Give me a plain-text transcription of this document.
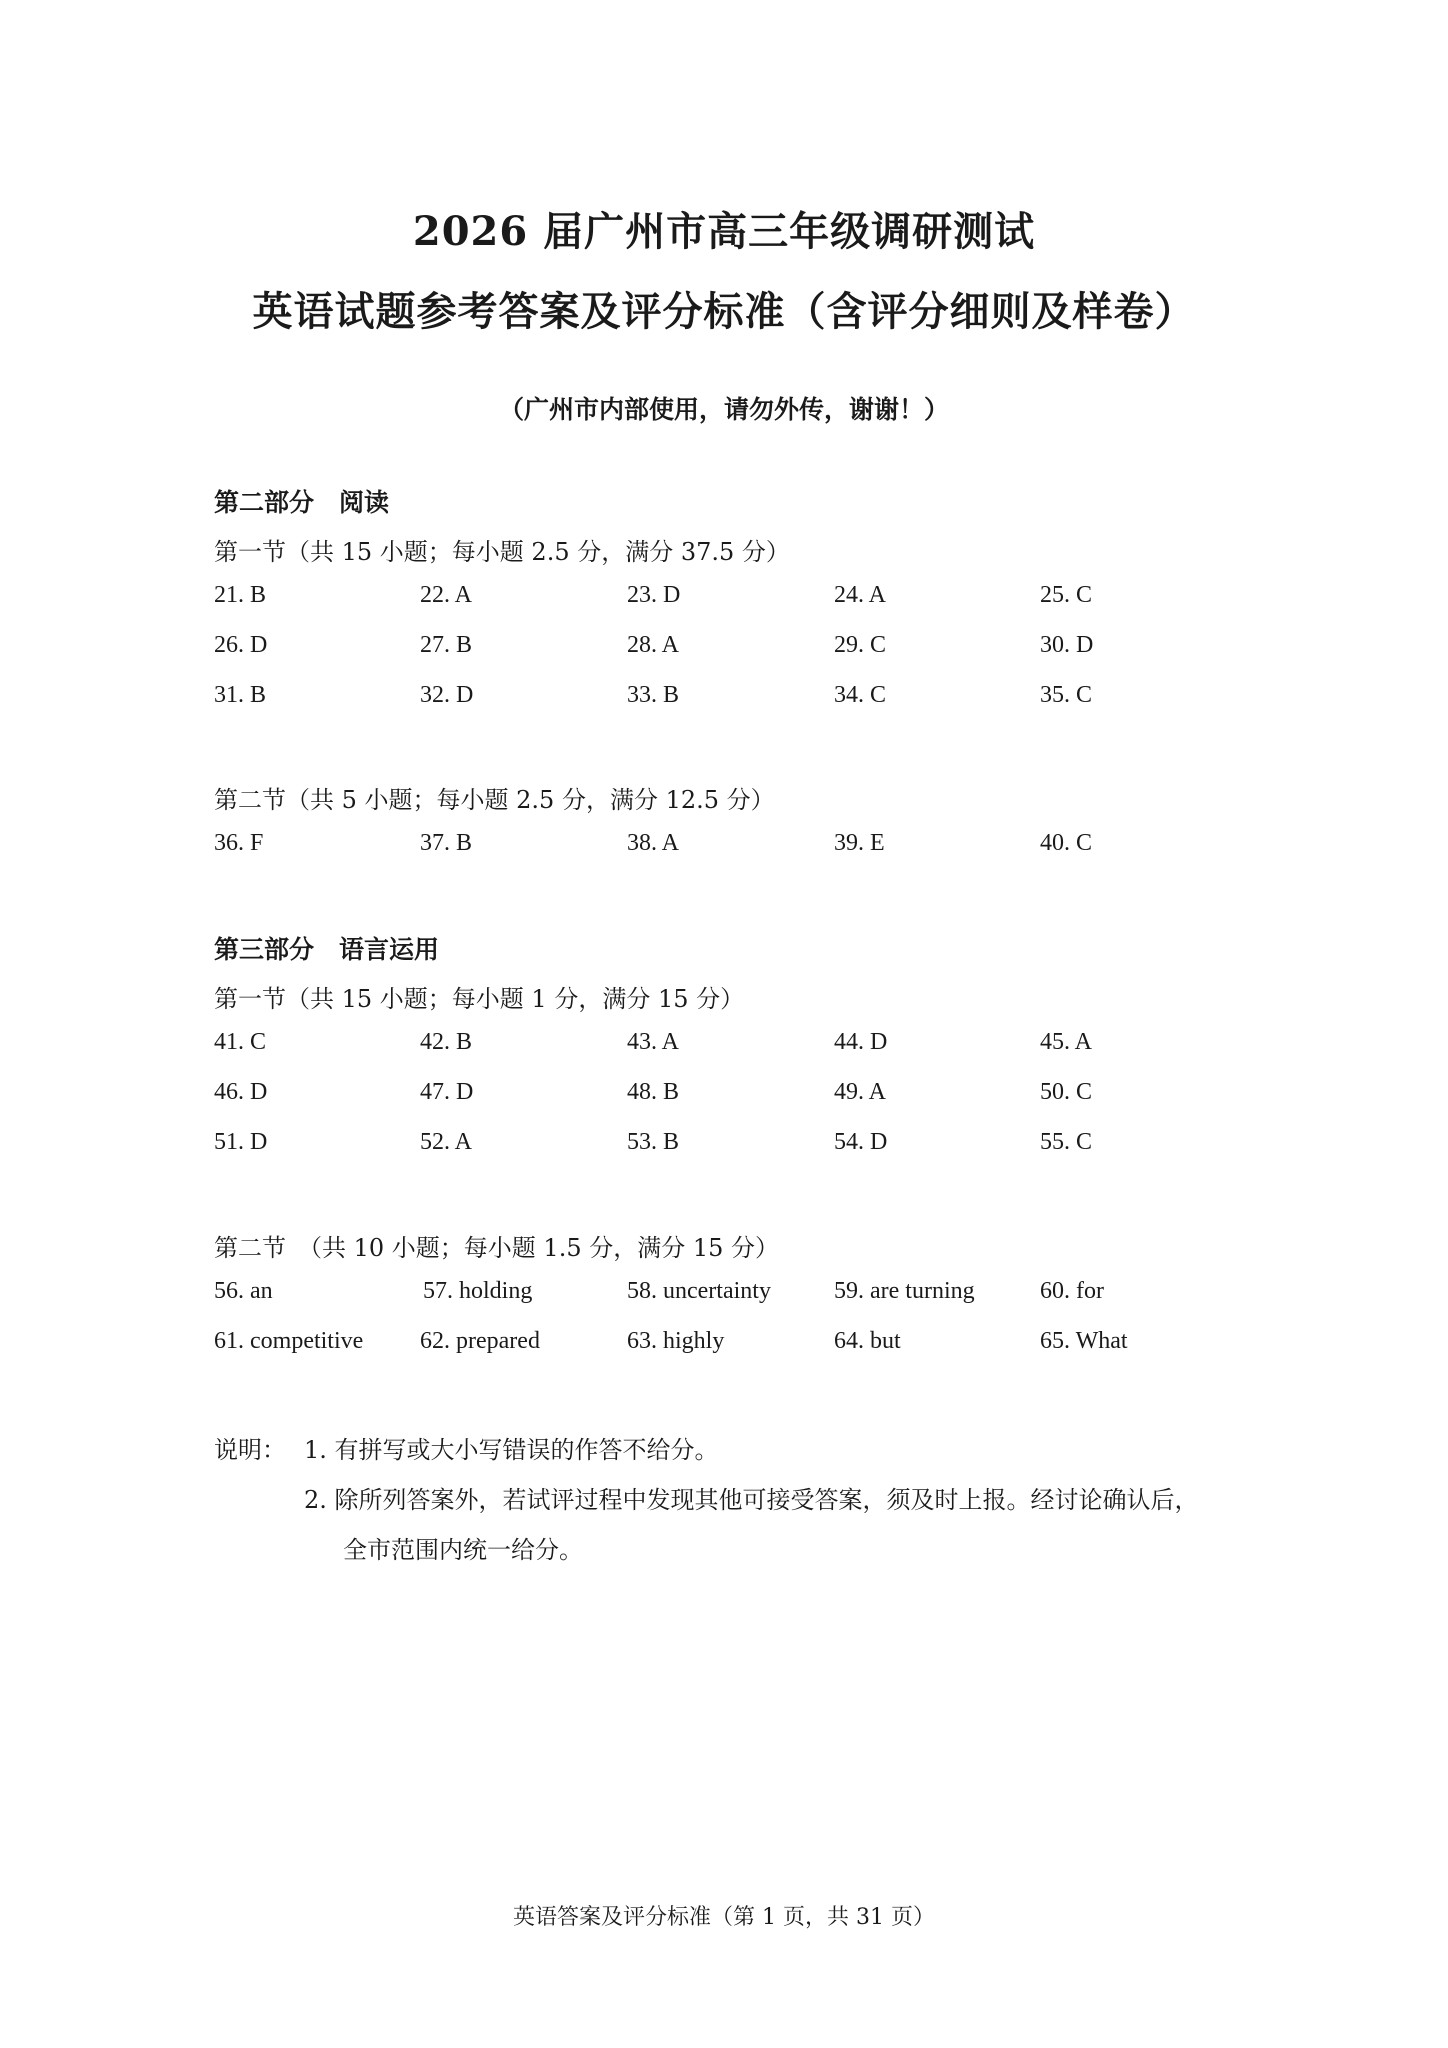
2026 届广州市高三年级调研测试
英语试题参考答案及评分标准（含评分细则及样卷）
（广州市内部使用，请勿外传，谢谢！）
第二部分　阅读
第一节（共 15 小题；每小题 2.5 分，满分 37.5 分）
21. B	22. A	23. D	24. A	25. C
26. D	27. B	28. A	29. C	30. D
31. B	32. D	33. B	34. C	35. C
第二节（共 5 小题；每小题 2.5 分，满分 12.5 分）
36. F	37. B	38. A	39. E	40. C
第三部分　语言运用
第一节（共 15 小题；每小题 1 分，满分 15 分）
41. C	42. B	43. A	44. D	45. A
46. D	47. D	48. B	49. A	50. C
51. D	52. A	53. B	54. D	55. C
第二节　（共 10 小题；每小题 1.5 分，满分 15 分）
56. an	57. holding	58. uncertainty	59. are turning	60. for
61. competitive 62. prepared	63. highly	64. but	65. What
说明： 1. 有拼写或大小写错误的作答不给分。
2. 除所列答案外，若试评过程中发现其他可接受答案，须及时上报。经讨论确认后，
全市范围内统一给分。
英语答案及评分标准（第 1 页，共 31 页）
